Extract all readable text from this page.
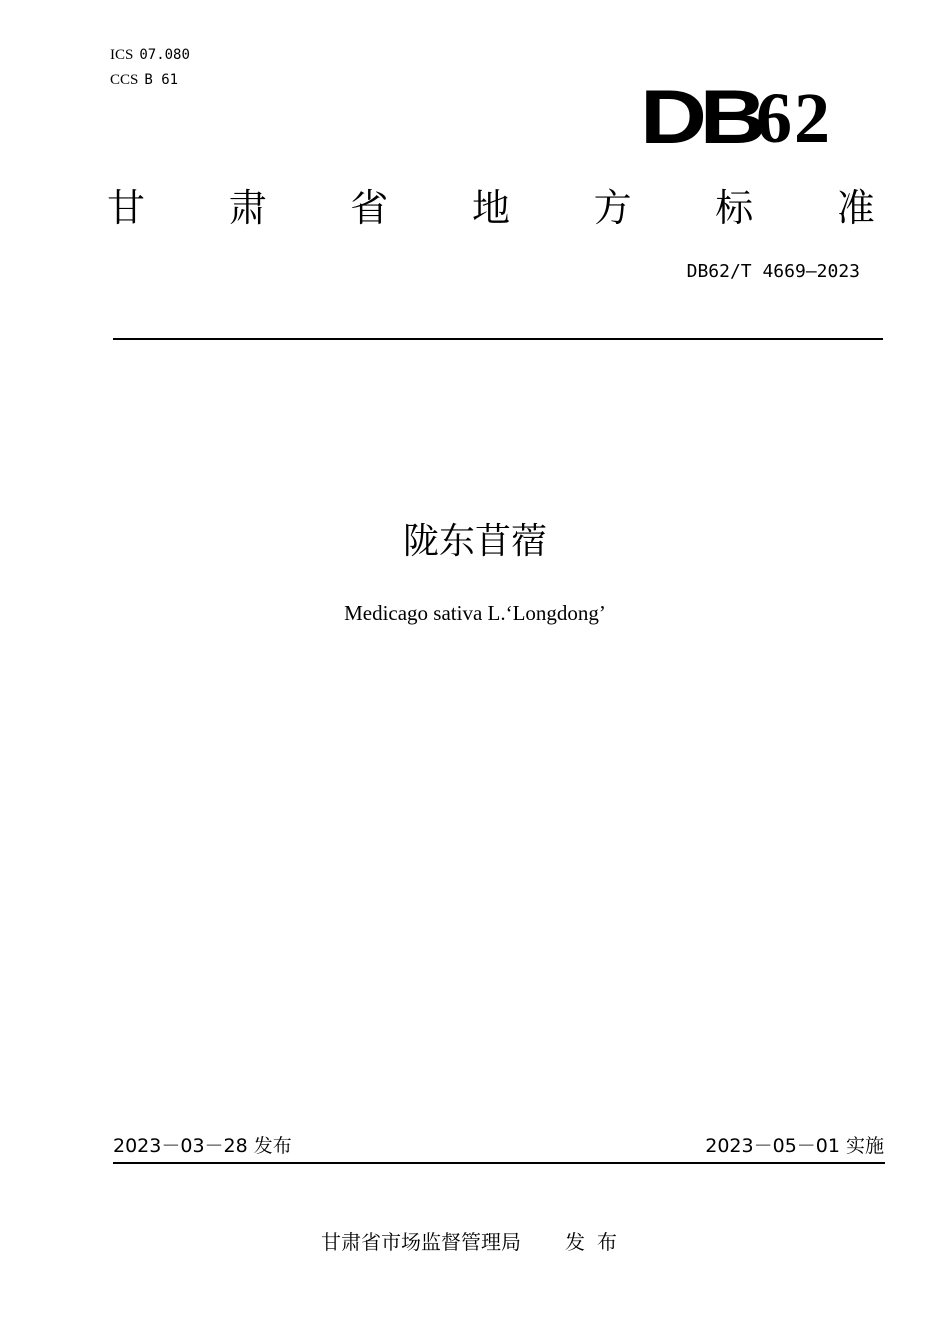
ICS 07.080
CCS B 61	DB
62
甘 肃 省 地 方 标 准
DB62/T 4669—2023
陇东苜蓿
Medicago sativa L.‘Longdong’
2023－03－28 发布	2023－05－01 实施
甘肃省市场监督管理局 发布
